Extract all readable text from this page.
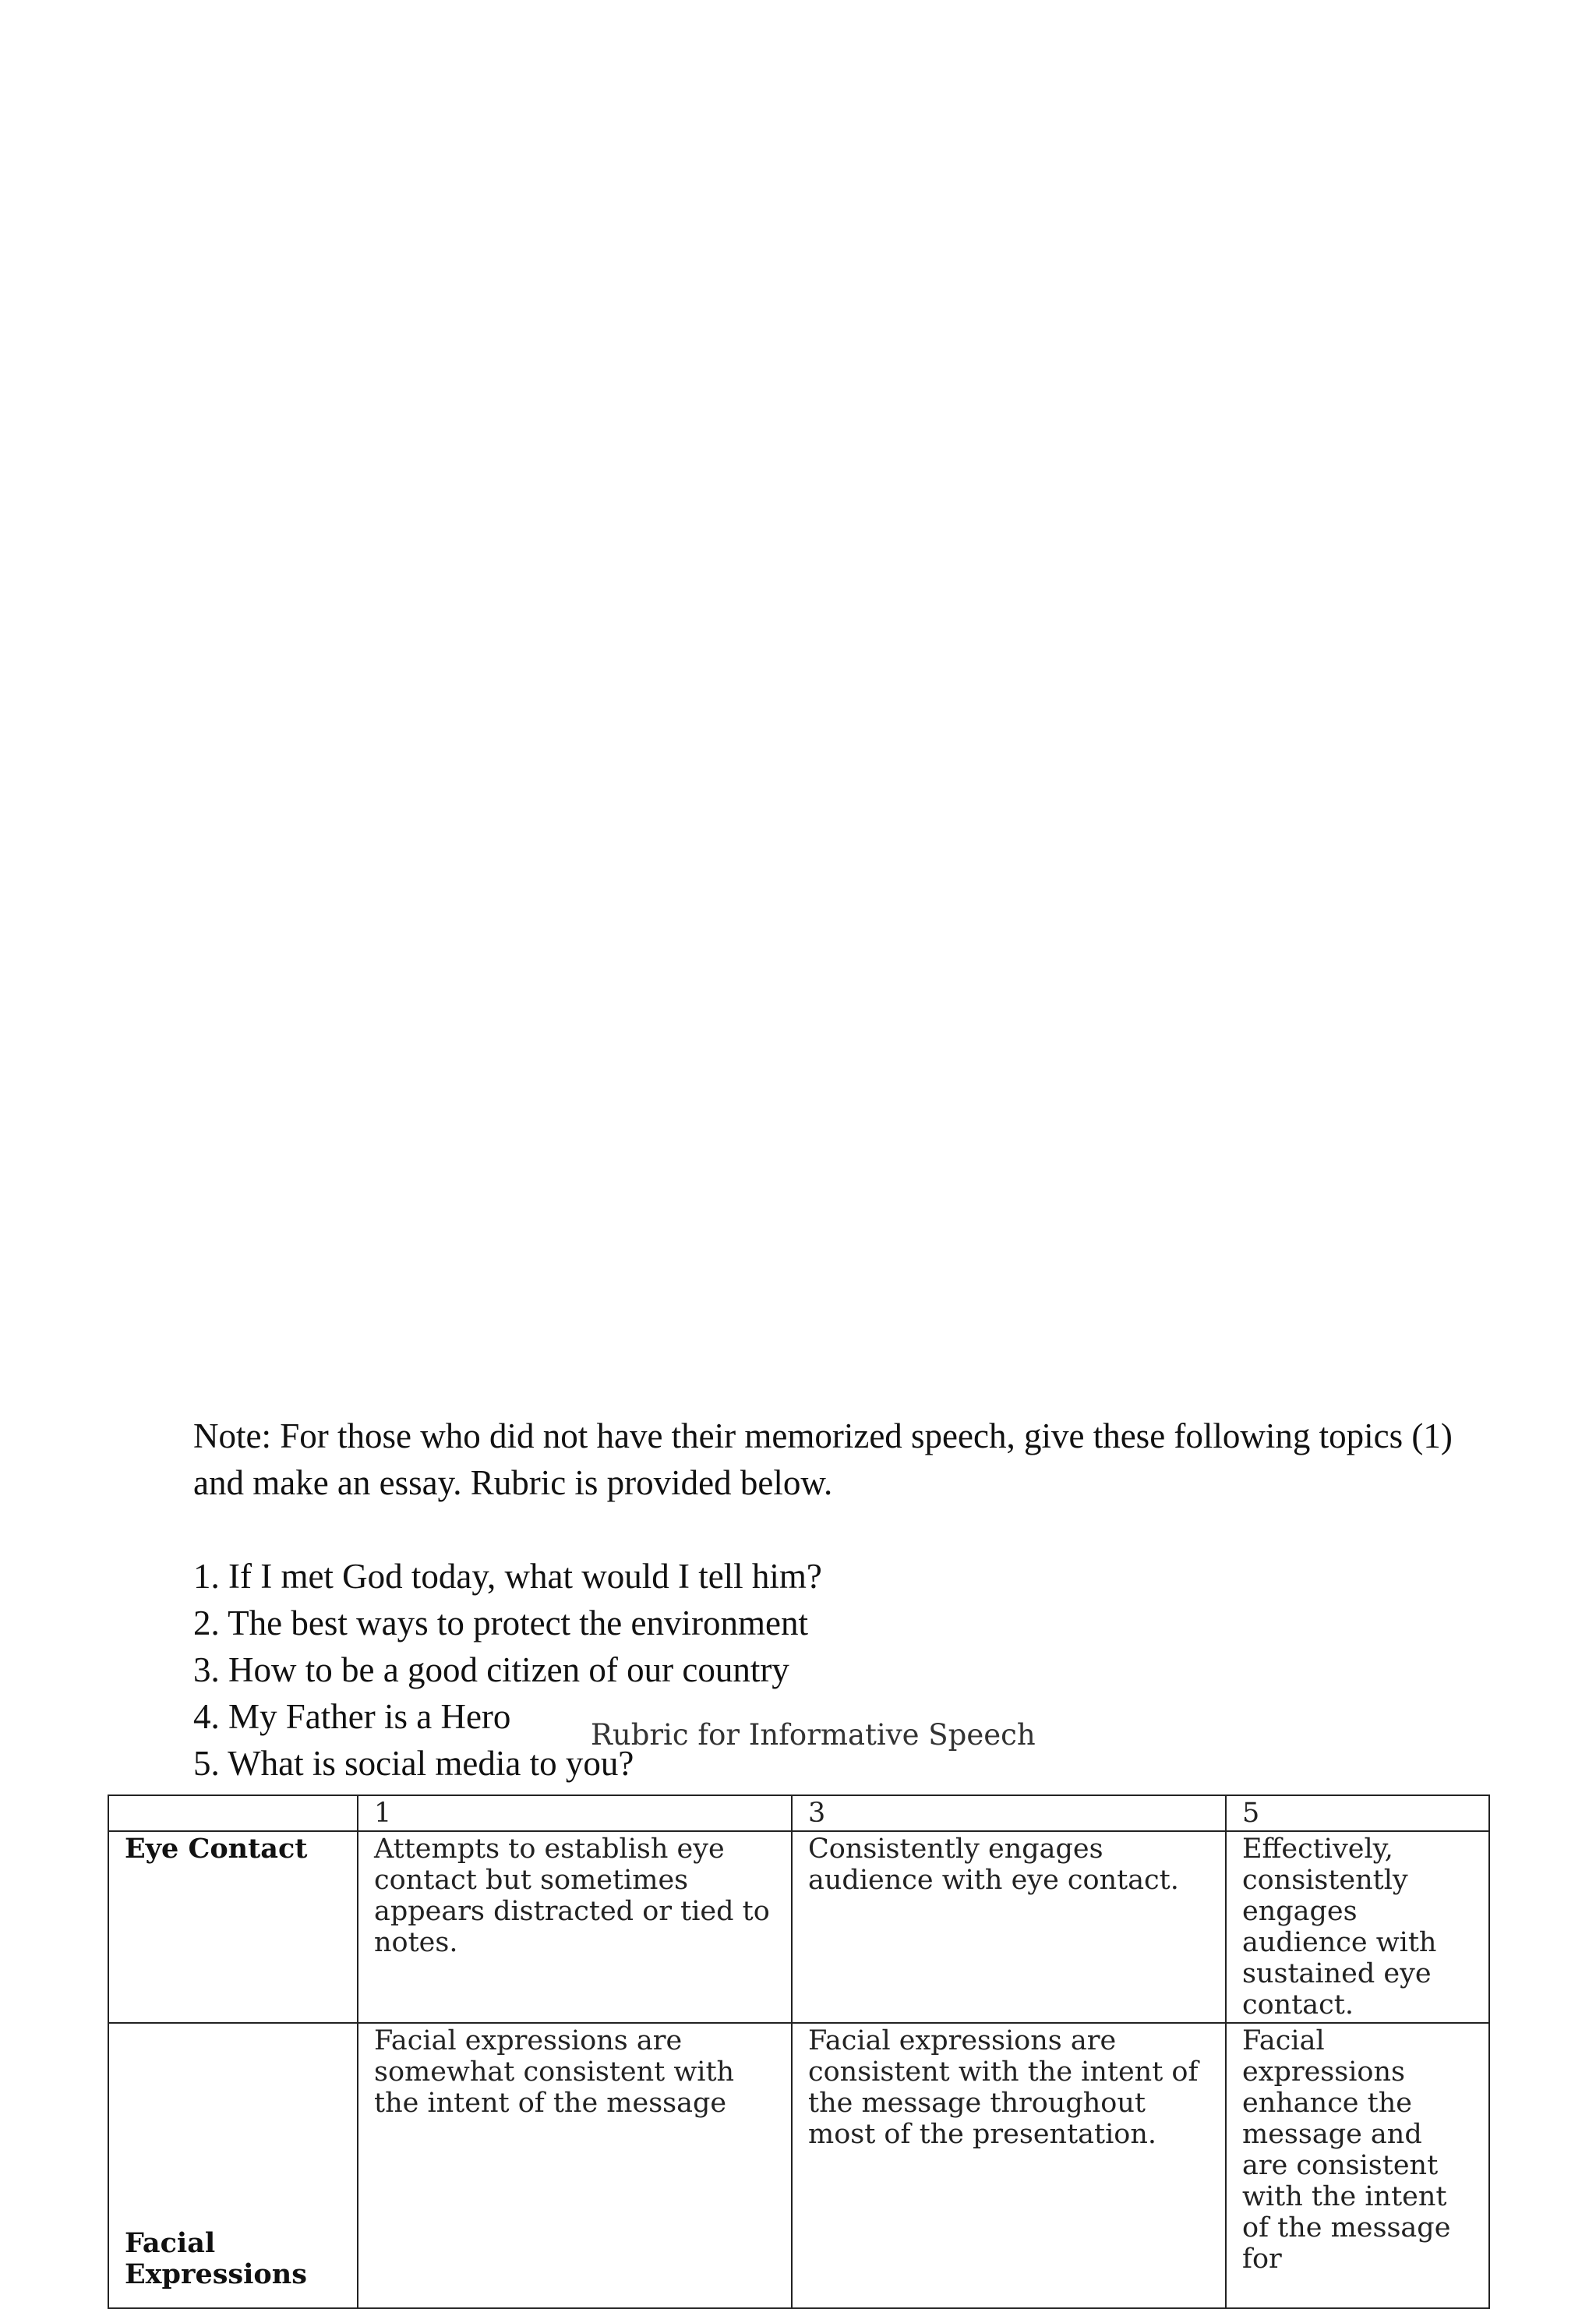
Note: For those who did not have their memorized speech, give these following topics (1) and make an essay. Rubric is provided below.

1. If I met God today, what would I tell him?
2. The best ways to protect the environment
3. How to be a good citizen of our country
4. My Father is a Hero
5. What is social media to you?
Rubric for Informative Speech
	1	3	5
Eye Contact	Attempts to establish eye contact but sometimes appears distracted or tied to notes.	Consistently engages audience with eye contact.	Effectively, consistently engages audience with sustained eye contact.
Facial Expressions	Facial expressions are somewhat consistent with the intent of the message	Facial expressions are consistent with the intent of the message throughout most of the presentation.	Facial expressions enhance the message and are consistent with the intent of the message for
